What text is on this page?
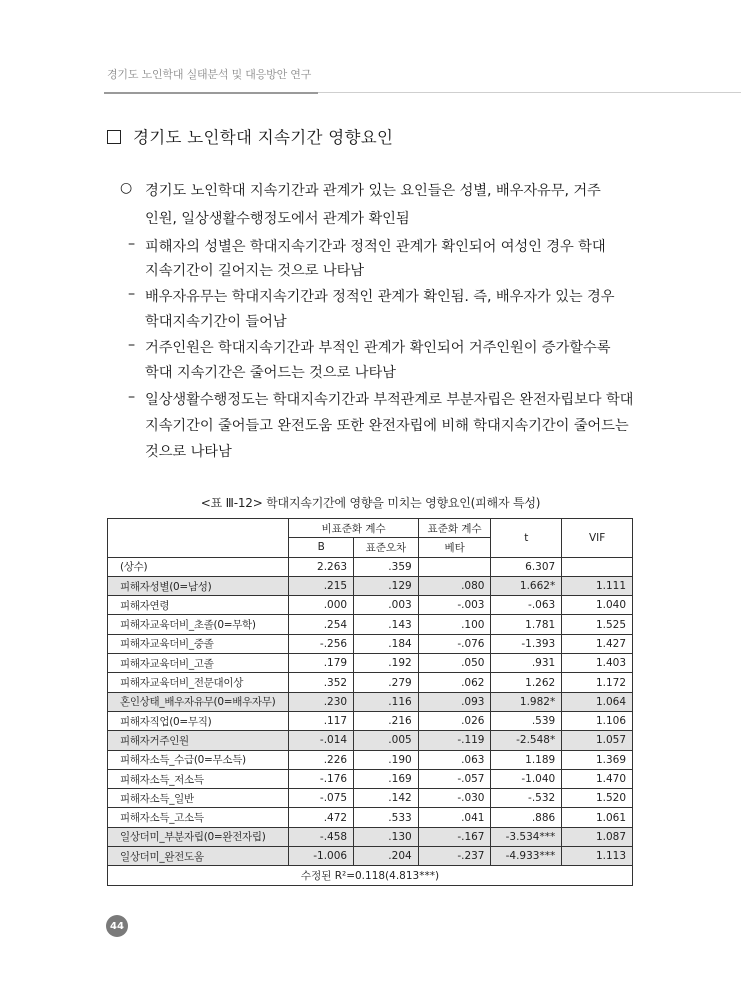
경기도 노인학대 실태분석 및 대응방안 연구
경기도 노인학대 지속기간 영향요인
○ 경기도 노인학대 지속기간과 관계가 있는 요인들은 성별, 배우자유무, 거주
인원, 일상생활수행정도에서 관계가 확인됨
– 피해자의 성별은 학대지속기간과 정적인 관계가 확인되어 여성인 경우 학대
지속기간이 길어지는 것으로 나타남
– 배우자유무는 학대지속기간과 정적인 관계가 확인됨. 즉, 배우자가 있는 경우
학대지속기간이 들어남
– 거주인원은 학대지속기간과 부적인 관계가 확인되어 거주인원이 증가할수록
학대 지속기간은 줄어드는 것으로 나타남
– 일상생활수행정도는 학대지속기간과 부적관계로 부분자립은 완전자립보다 학대
지속기간이 줄어들고 완전도움 또한 완전자립에 비해 학대지속기간이 줄어드는
것으로 나타남
<표 Ⅲ-12> 학대지속기간에 영향을 미치는 영향요인(피해자 특성)
	비표준화 계수		표준화 계수	t	VIF
	B	표준오차	베타		
(상수)	2.263	.359		6.307	
피해자성별(0=남성)	.215	.129	.080	1.662*	1.111
피해자연령	.000	.003	-.003	-.063	1.040
피해자교육더비_초졸(0=무학)	.254	.143	.100	1.781	1.525
피해자교육더비_중졸	-.256	.184	-.076	-1.393	1.427
피해자교육더비_고졸	.179	.192	.050	.931	1.403
피해자교육더비_전문대이상	.352	.279	.062	1.262	1.172
혼인상태_배우자유무(0=배우자무)	.230	.116	.093	1.982*	1.064
피해자직업(0=무직)	.117	.216	.026	.539	1.106
피해자거주인원	-.014	.005	-.119	-2.548*	1.057
피해자소득_수급(0=무소득)	.226	.190	.063	1.189	1.369
피해자소득_저소득	-.176	.169	-.057	-1.040	1.470
피해자소득_일반	-.075	.142	-.030	-.532	1.520
피해자소득_고소득	.472	.533	.041	.886	1.061
일상더미_부분자립(0=완전자립)	-.458	.130	-.167	-3.534***	1.087
일상더미_완전도움	-1.006	.204	-.237	-4.933***	1.113
수정된 R²=0.118(4.813***)					
44
